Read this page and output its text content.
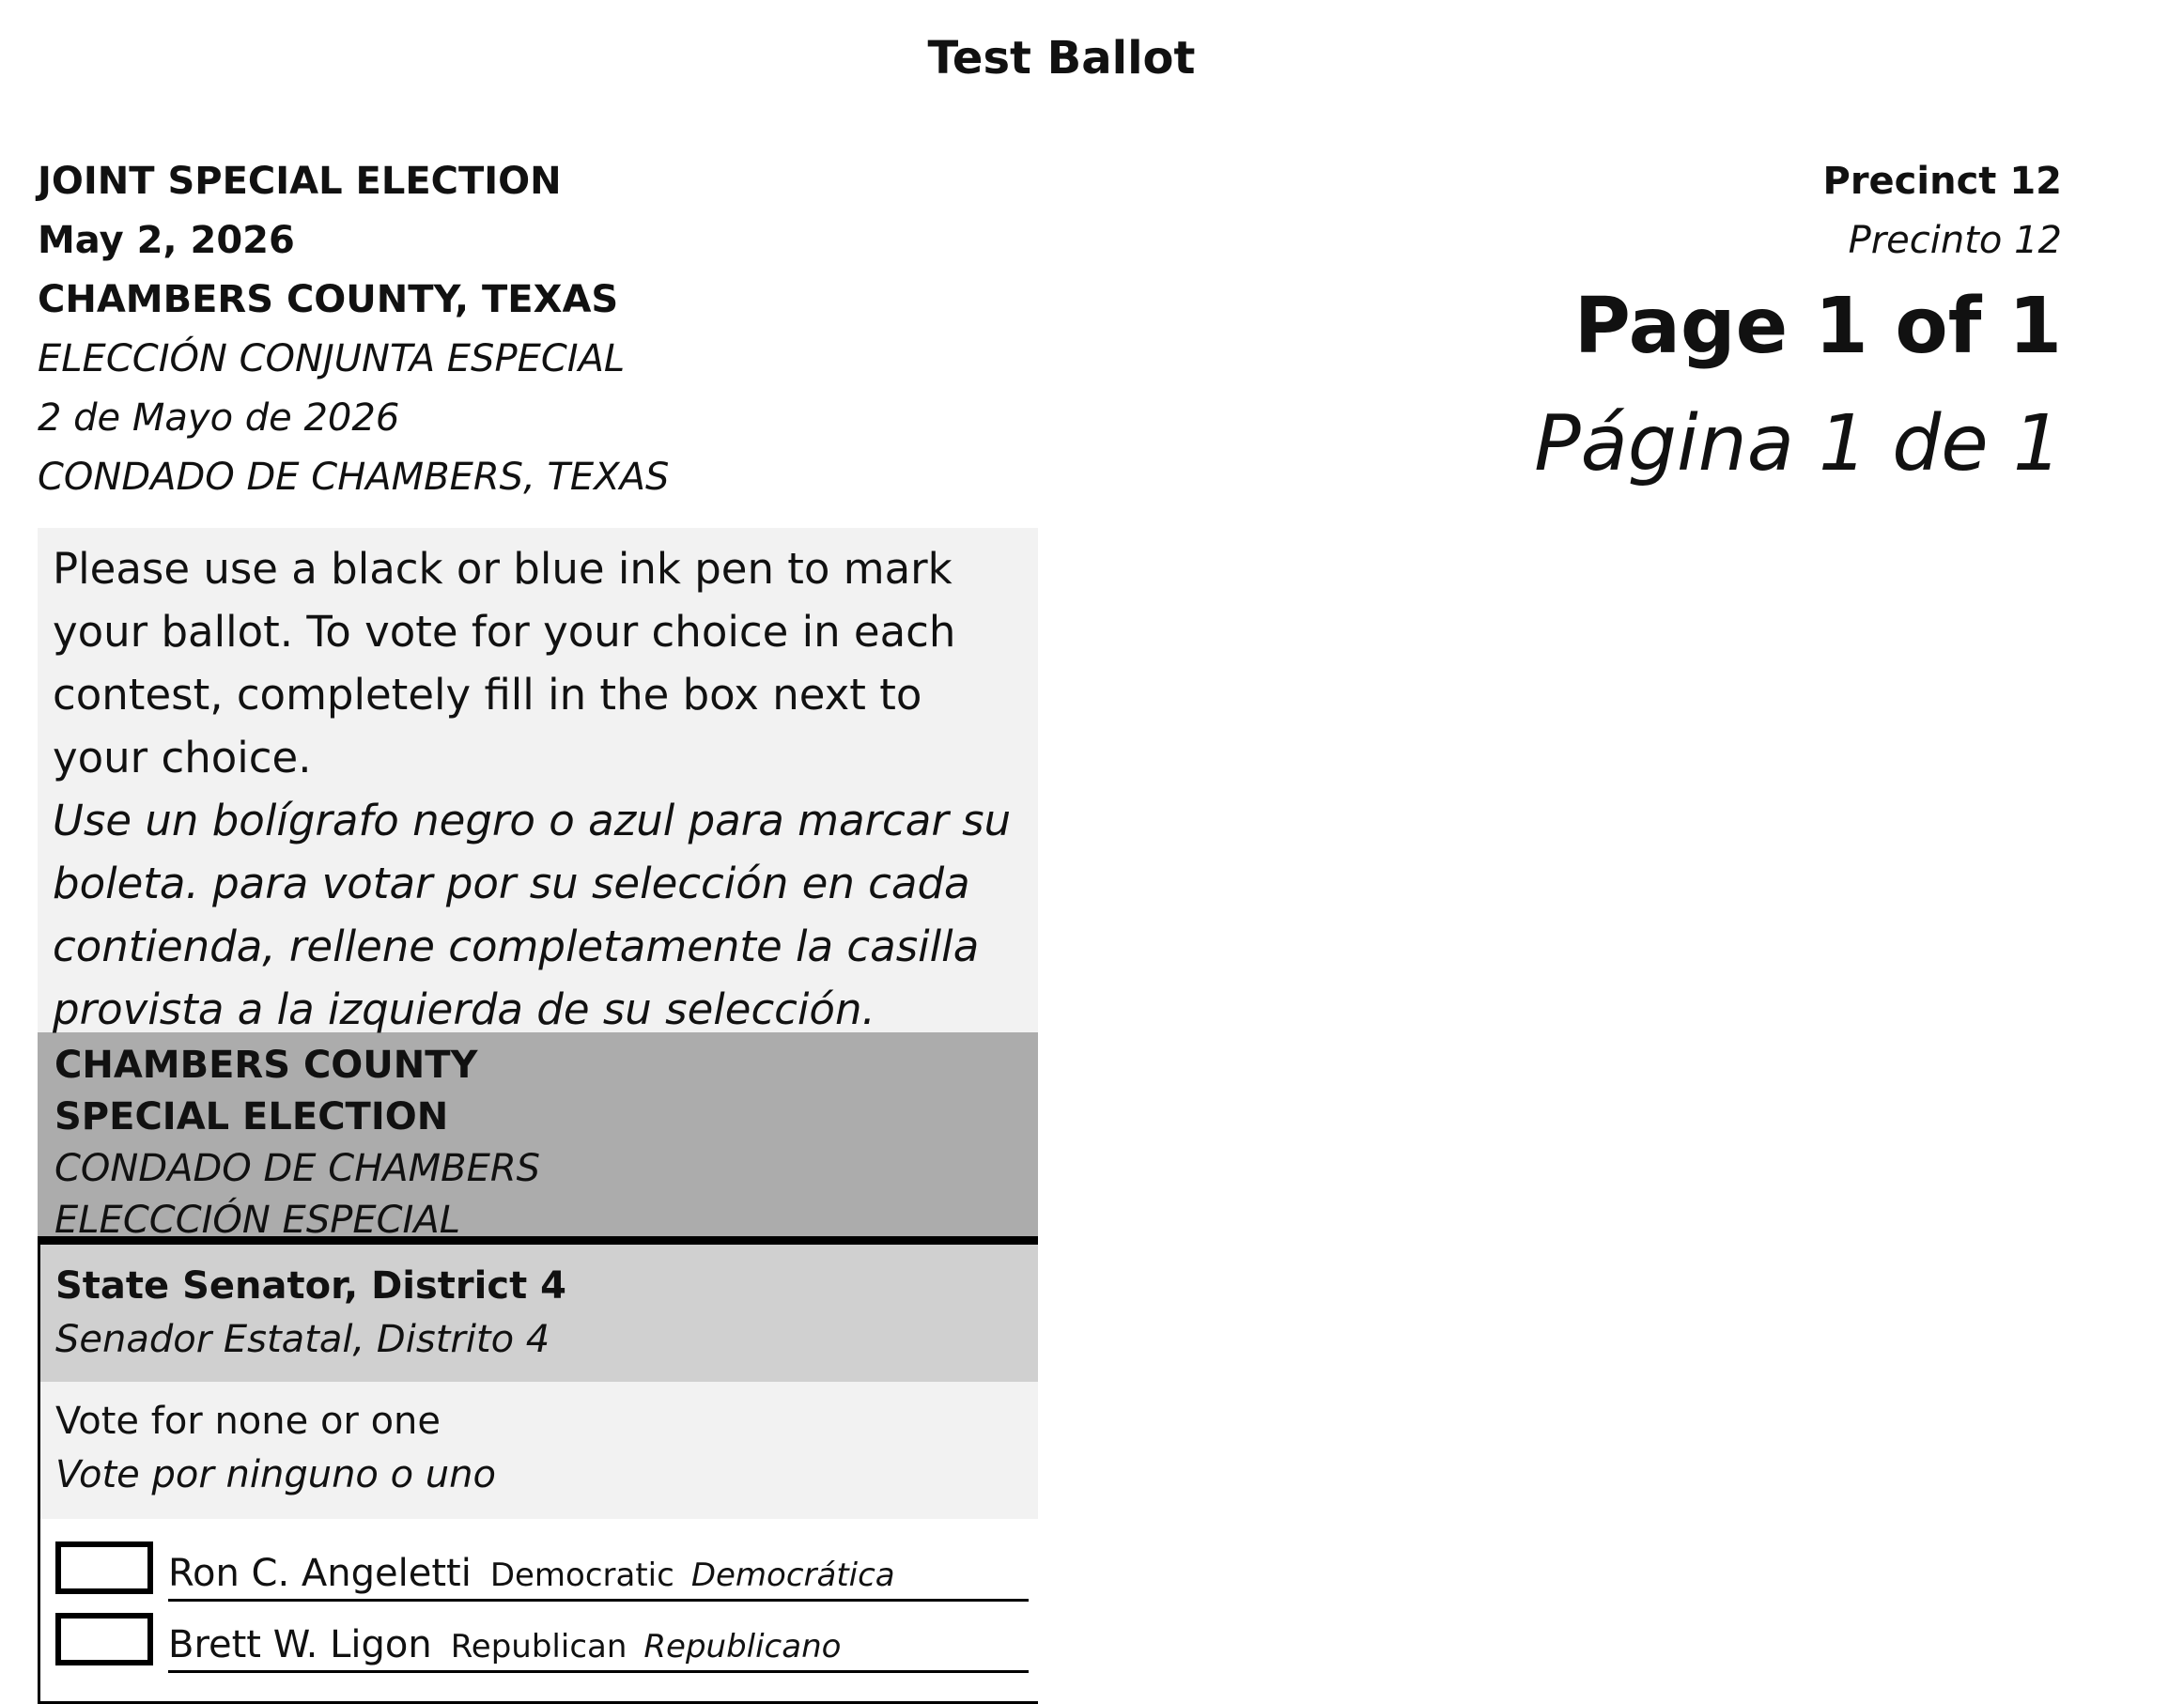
Test Ballot
JOINT SPECIAL ELECTION
May 2, 2026
CHAMBERS COUNTY, TEXAS
ELECCIÓN CONJUNTA ESPECIAL
2 de Mayo de 2026
CONDADO DE CHAMBERS, TEXAS
Precinct 12
Precinto 12
Page 1 of 1
Página 1 de 1
Please use a black or blue ink pen to mark your ballot. To vote for your choice in each contest, completely fill in the box next to your choice.
Use un bolígrafo negro o azul para marcar su boleta. para votar por su selección en cada contienda, rellene completamente la casilla provista a la izquierda de su selección.
CHAMBERS COUNTY
SPECIAL ELECTION
CONDADO DE CHAMBERS
ELECCCIÓN ESPECIAL
State Senator, District 4
Senador Estatal, Distrito 4
Vote for none or one
Vote por ninguno o uno
Ron C. Angeletti Democratic Democrática
Brett W. Ligon Republican Republicano
